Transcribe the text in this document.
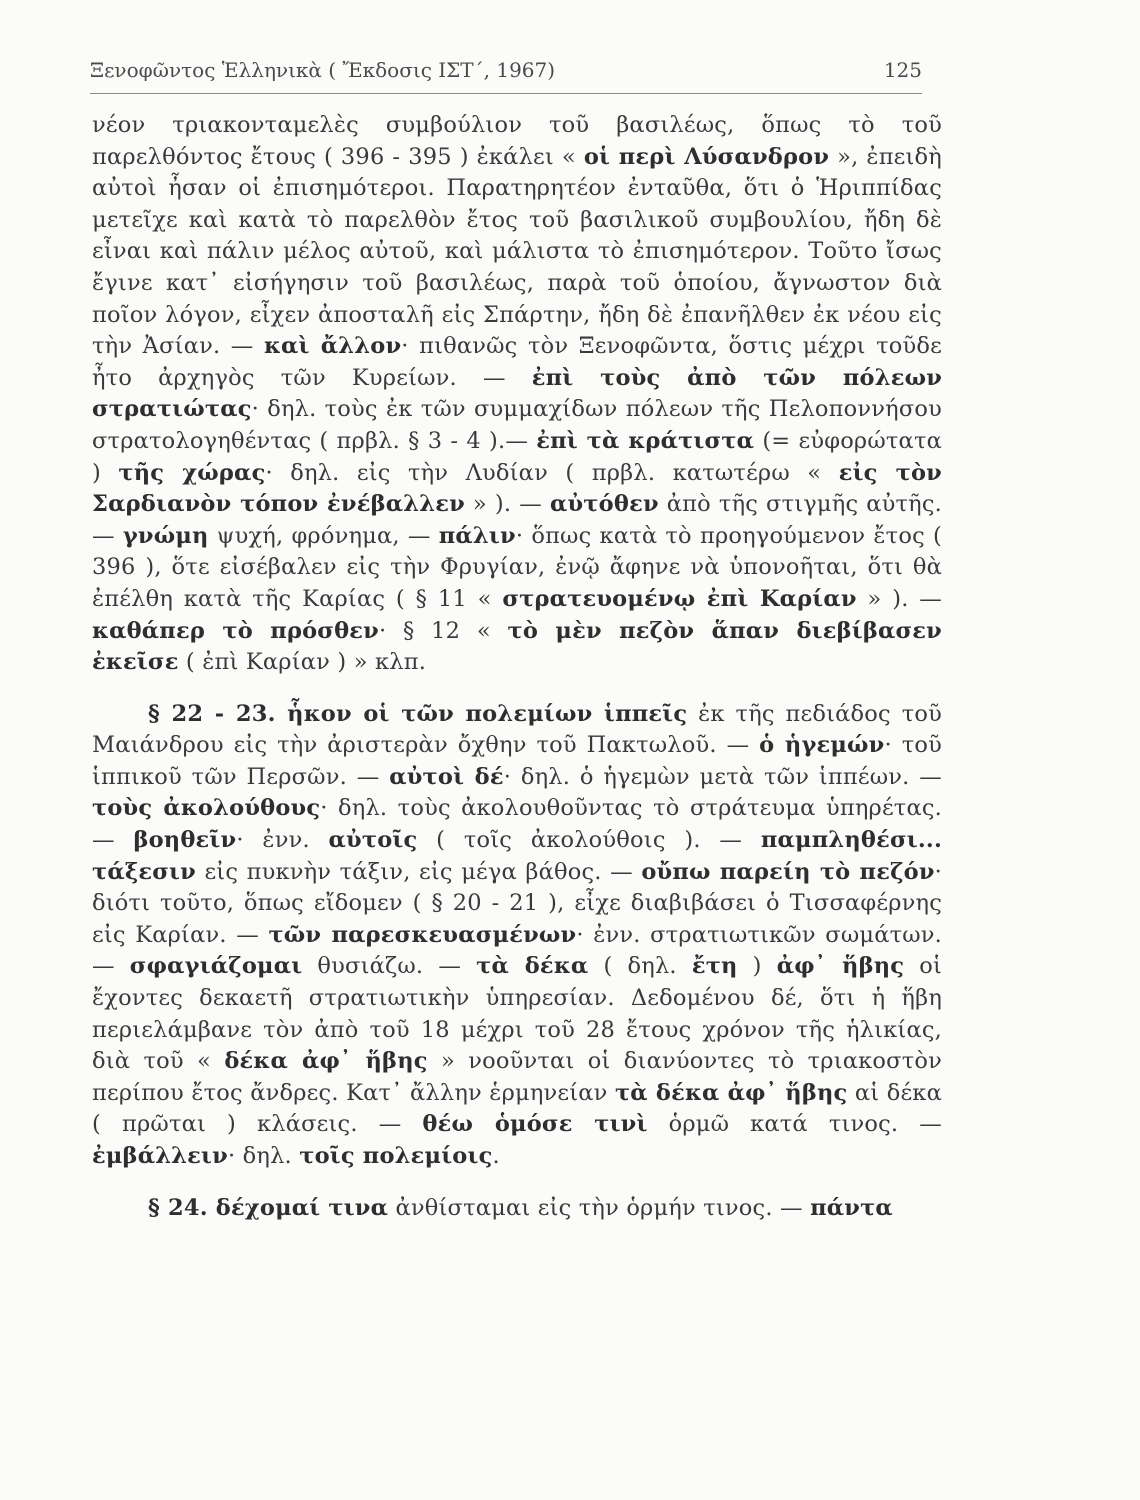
Ξενοφῶντος Ἑλληνικὰ ( Ἔκδοσις ΙΣΤ΄, 1967)	125

νέον τριακονταμελὲς συμβούλιον τοῦ βασιλέως, ὅπως τὸ τοῦ παρελθόντος ἔτους ( 396 - 395 ) ἐκάλει « οἱ περὶ Λύσανδρον », ἐπειδὴ αὐτοὶ ἦσαν οἱ ἐπισημότεροι. Παρατηρητέον ἐνταῦθα, ὅτι ὁ Ἡριππίδας μετεῖχε καὶ κατὰ τὸ παρελθὸν ἔτος τοῦ βασιλικοῦ συμβουλίου, ἤδη δὲ εἶναι καὶ πάλιν μέλος αὐτοῦ, καὶ μάλιστα τὸ ἐπισημότερον. Τοῦτο ἴσως ἔγινε κατ᾽ εἰσήγησιν τοῦ βασιλέως, παρὰ τοῦ ὁποίου, ἄγνωστον διὰ ποῖον λόγον, εἶχεν ἀποσταλῆ εἰς Σπάρτην, ἤδη δὲ ἐπανῆλθεν ἐκ νέου εἰς τὴν Ἀσίαν. — καὶ ἄλλον· πιθανῶς τὸν Ξενοφῶντα, ὅστις μέχρι τοῦδε ἦτο ἀρχηγὸς τῶν Κυρείων. — ἐπὶ τοὺς ἀπὸ τῶν πόλεων στρατιώτας· δηλ. τοὺς ἐκ τῶν συμμαχίδων πόλεων τῆς Πελοποννήσου στρατολογηθέντας ( πρβλ. § 3 - 4 ).— ἐπὶ τὰ κράτιστα (= εὐφορώτατα ) τῆς χώρας· δηλ. εἰς τὴν Λυδίαν ( πρβλ. κατωτέρω « εἰς τὸν Σαρδιανὸν τόπον ἐνέβαλλεν » ). — αὐτόθεν ἀπὸ τῆς στιγμῆς αὐτῆς.— γνώμη ψυχή, φρόνημα, — πάλιν· ὅπως κατὰ τὸ προηγούμενον ἔτος ( 396 ), ὅτε εἰσέβαλεν εἰς τὴν Φρυγίαν, ἐνῷ ἄφηνε νὰ ὑπονοῆται, ὅτι θὰ ἐπέλθη κατὰ τῆς Καρίας ( § 11 « στρατευομένῳ ἐπὶ Καρίαν » ). — καθάπερ τὸ πρόσθεν· § 12 « τὸ μὲν πεζὸν ἅπαν διεβίβασεν ἐκεῖσε ( ἐπὶ Καρίαν ) » κλπ.

§ 22 - 23. ἧκον οἱ τῶν πολεμίων ἱππεῖς ἐκ τῆς πεδιάδος τοῦ Μαιάνδρου εἰς τὴν ἀριστερὰν ὄχθην τοῦ Πακτωλοῦ. — ὁ ἡγεμών· τοῦ ἱππικοῦ τῶν Περσῶν. — αὐτοὶ δέ· δηλ. ὁ ἡγεμὼν μετὰ τῶν ἱππέων. — τοὺς ἀκολούθους· δηλ. τοὺς ἀκολουθοῦντας τὸ στράτευμα ὑπηρέτας. — βοηθεῖν· ἐνν. αὐτοῖς ( τοῖς ἀκολούθοις ). — παμπληθέσι... τάξεσιν εἰς πυκνὴν τάξιν, εἰς μέγα βάθος. — οὔπω παρείη τὸ πεζόν· διότι τοῦτο, ὅπως εἴδομεν ( § 20 - 21 ), εἶχε διαβιβάσει ὁ Τισσαφέρνης εἰς Καρίαν. — τῶν παρεσκευασμένων· ἐνν. στρατιωτικῶν σωμάτων. — σφαγιάζομαι θυσιάζω. — τὰ δέκα ( δηλ. ἔτη ) ἀφ᾽ ἥβης οἱ ἔχοντες δεκαετῆ στρατιωτικὴν ὑπηρεσίαν. Δεδομένου δέ, ὅτι ἡ ἥβη περιελάμβανε τὸν ἀπὸ τοῦ 18 μέχρι τοῦ 28 ἔτους χρόνον τῆς ἡλικίας, διὰ τοῦ « δέκα ἀφ᾽ ἥβης » νοοῦνται οἱ διανύοντες τὸ τριακοστὸν περίπου ἔτος ἄνδρες. Κατ᾽ ἄλλην ἑρμηνείαν τὰ δέκα ἀφ᾽ ἥβης αἱ δέκα ( πρῶται ) κλάσεις. — θέω ὁμόσε τινὶ ὁρμῶ κατά τινος. — ἐμβάλλειν· δηλ. τοῖς πολεμίοις.

§ 24. δέχομαί τινα ἀνθίσταμαι εἰς τὴν ὁρμήν τινος. — πάντα
